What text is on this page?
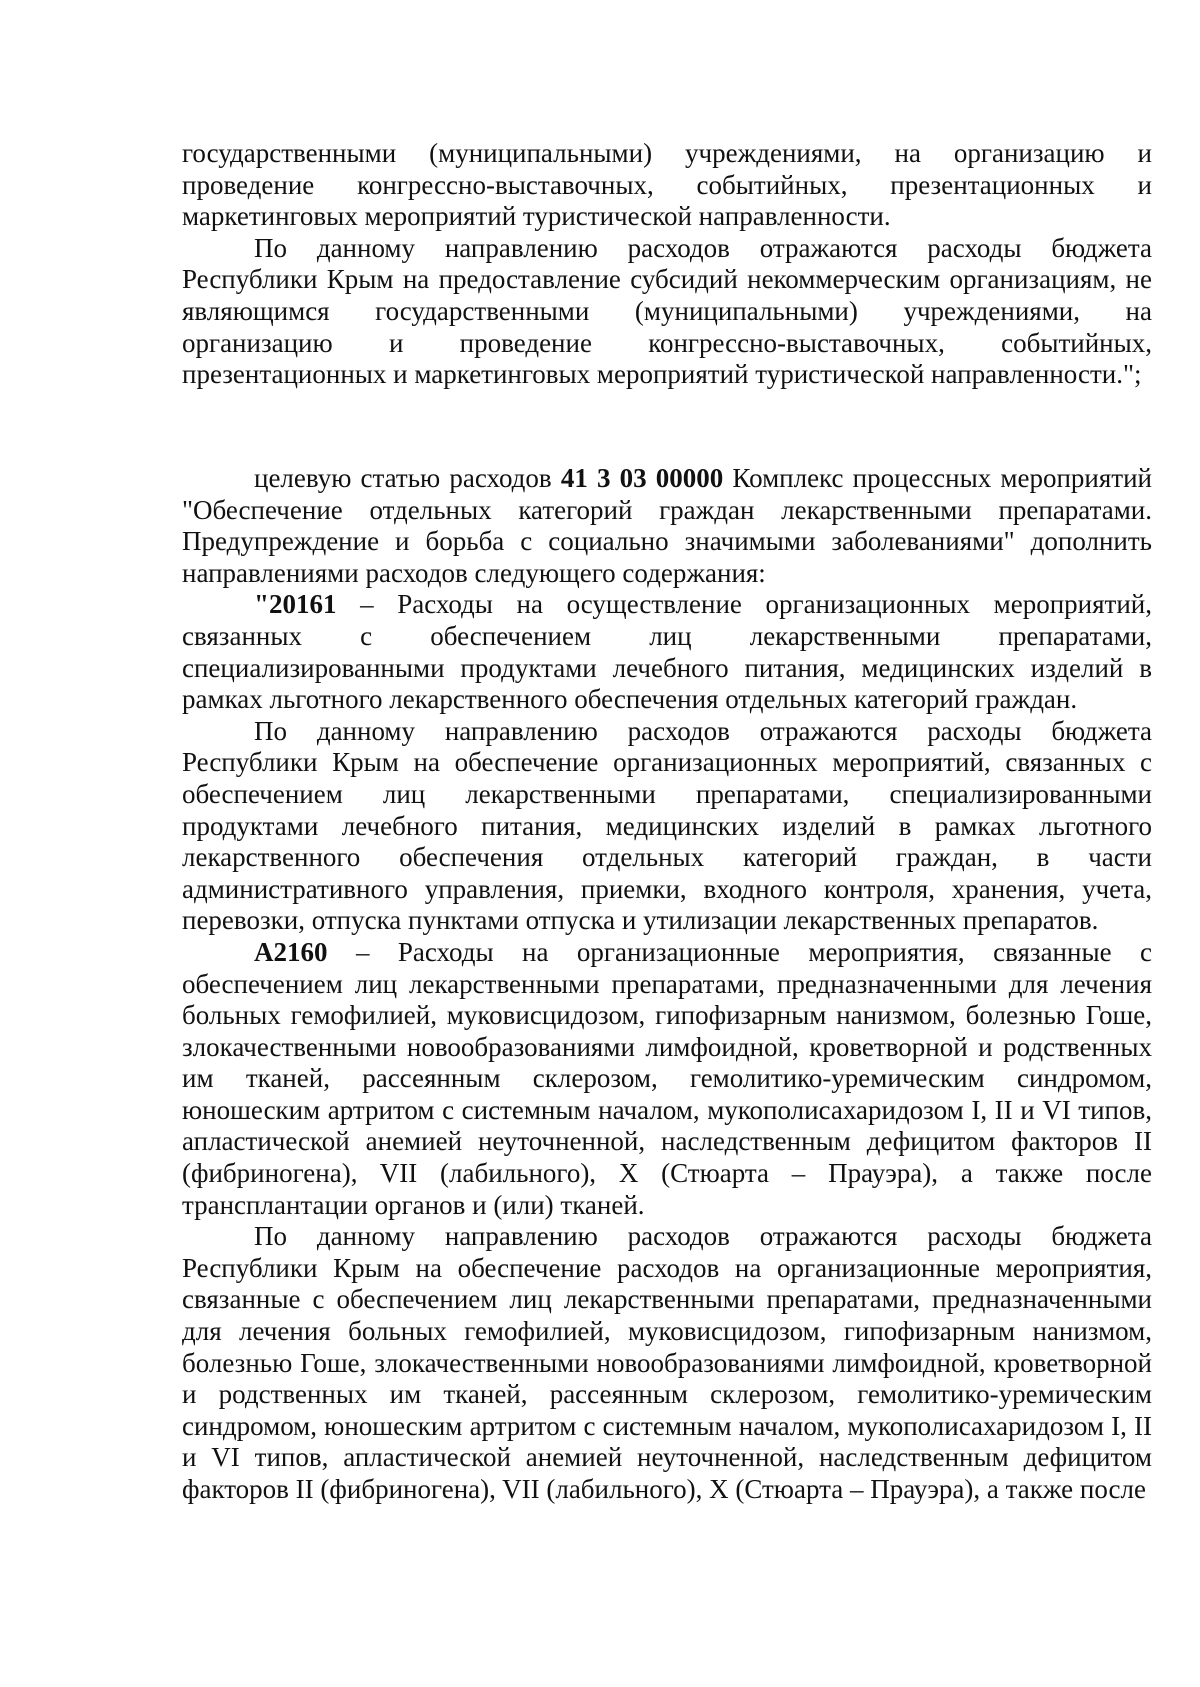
государственными (муниципальными) учреждениями, на организацию и проведение конгрессно-выставочных, событийных, презентационных и маркетинговых мероприятий туристической направленности.

По данному направлению расходов отражаются расходы бюджета Республики Крым на предоставление субсидий некоммерческим организациям, не являющимся государственными (муниципальными) учреждениями, на организацию и проведение конгрессно-выставочных, событийных, презентационных и маркетинговых мероприятий туристической направленности.";

целевую статью расходов 41 3 03 00000 Комплекс процессных мероприятий "Обеспечение отдельных категорий граждан лекарственными препаратами. Предупреждение и борьба с социально значимыми заболеваниями" дополнить направлениями расходов следующего содержания:

"20161 – Расходы на осуществление организационных мероприятий, связанных с обеспечением лиц лекарственными препаратами, специализированными продуктами лечебного питания, медицинских изделий в рамках льготного лекарственного обеспечения отдельных категорий граждан.

По данному направлению расходов отражаются расходы бюджета Республики Крым на обеспечение организационных мероприятий, связанных с обеспечением лиц лекарственными препаратами, специализированными продуктами лечебного питания, медицинских изделий в рамках льготного лекарственного обеспечения отдельных категорий граждан, в части административного управления, приемки, входного контроля, хранения, учета, перевозки, отпуска пунктами отпуска и утилизации лекарственных препаратов.

А2160 – Расходы на организационные мероприятия, связанные с обеспечением лиц лекарственными препаратами, предназначенными для лечения больных гемофилией, муковисцидозом, гипофизарным нанизмом, болезнью Гоше, злокачественными новообразованиями лимфоидной, кроветворной и родственных им тканей, рассеянным склерозом, гемолитико-уремическим синдромом, юношеским артритом с системным началом, мукополисахаридозом I, II и VI типов, апластической анемией неуточненной, наследственным дефицитом факторов II (фибриногена), VII (лабильного), X (Стюарта – Прауэра), а также после трансплантации органов и (или) тканей.

По данному направлению расходов отражаются расходы бюджета Республики Крым на обеспечение расходов на организационные мероприятия, связанные с обеспечением лиц лекарственными препаратами, предназначенными для лечения больных гемофилией, муковисцидозом, гипофизарным нанизмом, болезнью Гоше, злокачественными новообразованиями лимфоидной, кроветворной и родственных им тканей, рассеянным склерозом, гемолитико-уремическим синдромом, юношеским артритом с системным началом, мукополисахаридозом I, II и VI типов, апластической анемией неуточненной, наследственным дефицитом факторов II (фибриногена), VII (лабильного), X (Стюарта – Прауэра), а также после
